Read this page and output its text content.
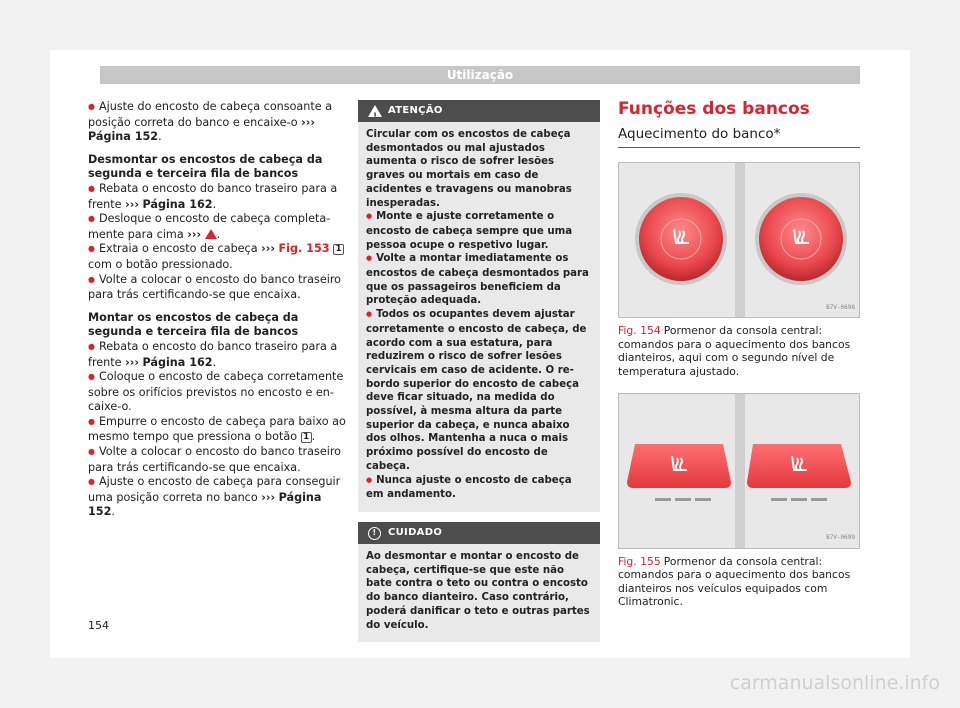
Utilização
● Ajuste do encosto de cabeça consoante a posição correta do banco e encaixe-o ››› Página 152.
Desmontar os encostos de cabeça da segunda e terceira fila de bancos
● Rebata o encosto do banco traseiro para a frente ››› Página 162.
● Desloque o encosto de cabeça completamente para cima ››› .
● Extraia o encosto de cabeça ››› Fig. 153 1 com o botão pressionado.
● Volte a colocar o encosto do banco traseiro para trás certificando-se que encaixa.
Montar os encostos de cabeça da segunda e terceira fila de bancos
● Rebata o encosto do banco traseiro para a frente ››› Página 162.
● Coloque o encosto de cabeça corretamente sobre os orifícios previstos no encosto e encaixe-o.
● Empurre o encosto de cabeça para baixo ao mesmo tempo que pressiona o botão 1 .
● Volte a colocar o encosto do banco traseiro para trás certificando-se que encaixa.
● Ajuste o encosto de cabeça para conseguir uma posição correta no banco ››› Página 152.
!
ATENÇÃO
Circular com os encostos de cabeça desmontados ou mal ajustados aumenta o risco de sofrer lesões graves ou mortais em caso de acidentes e travagens ou manobras inesperadas.
● Monte e ajuste corretamente o encosto de cabeça sempre que uma pessoa ocupe o respetivo lugar.
● Volte a montar imediatamente os encostos de cabeça desmontados para que os passageiros beneficiem da proteção adequada.
● Todos os ocupantes devem ajustar corretamente o encosto de cabeça, de acordo com a sua estatura, para reduzirem o risco de sofrer lesões cervicais em caso de acidente. O rebordo superior do encosto de cabeça deve ficar situado, na medida do possível, à mesma altura da parte superior da cabeça, e nunca abaixo dos olhos. Mantenha a nuca o mais próximo possível do encosto de cabeça.
● Nunca ajuste o encosto de cabeça em andamento.
!	CUIDADO
Ao desmontar e montar o encosto de cabeça, certifique-se que este não bate contra o teto ou contra o encosto do banco dianteiro. Caso contrário, poderá danificar o teto e outras partes do veículo.
Funções dos bancos
Aquecimento do banco*
B7V-0698
Fig. 154 Pormenor da consola central: comandos para o aquecimento dos bancos dianteiros, aqui com o segundo nível de temperatura ajustado.
B7V-0699
Fig. 155 Pormenor da consola central: comandos para o aquecimento dos bancos dianteiros nos veículos equipados com Climatronic.
154
carmanualsonline.info
